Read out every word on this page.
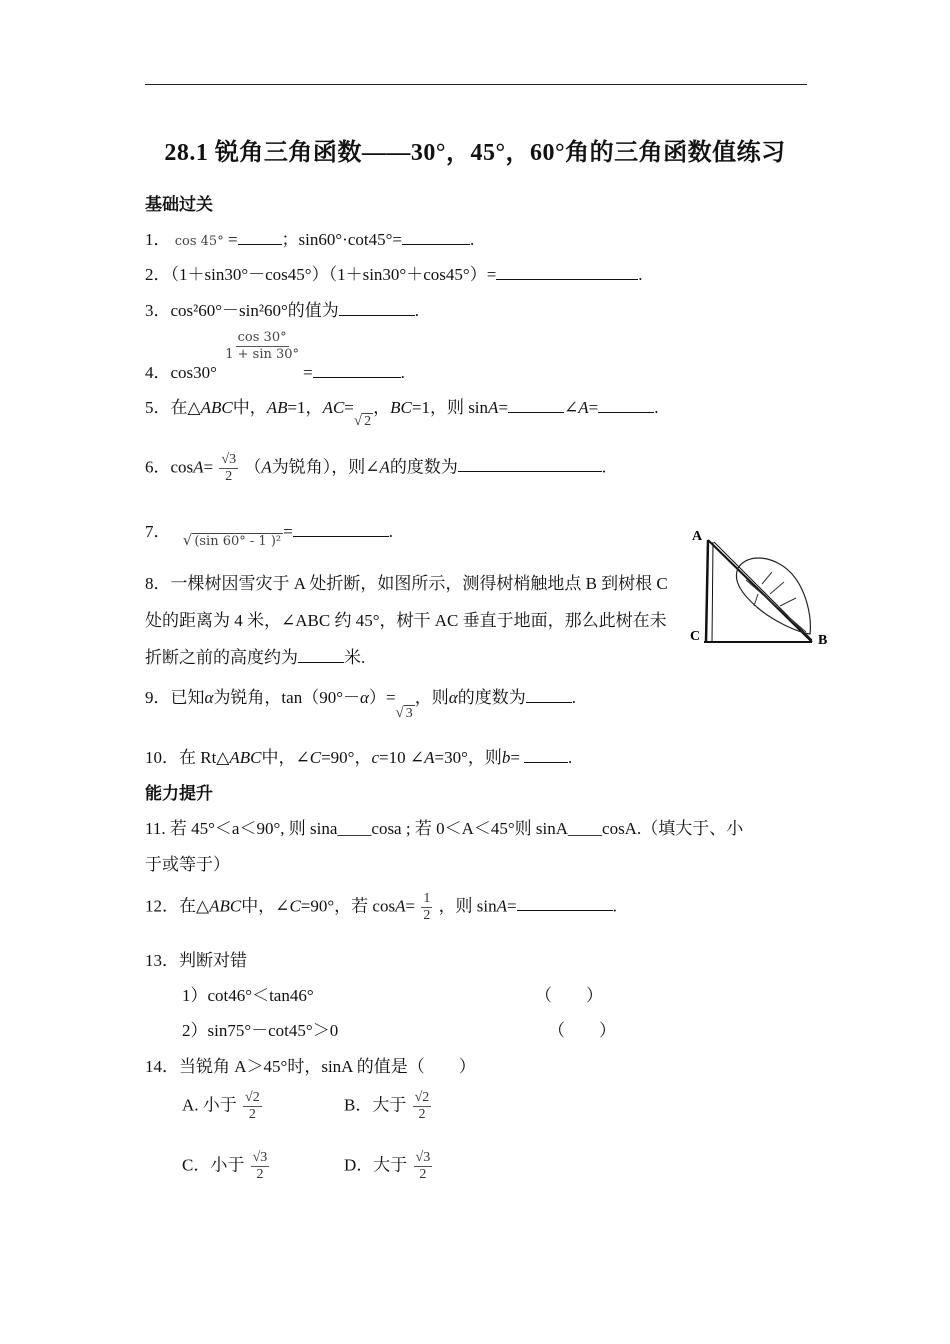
28.1 锐角三角函数——30°，45°，60°角的三角函数值练习
基础过关
1． cos 45° =	；sin60°·cot45°=	.
2．（1＋sin30°－cos45°）（1＋sin30°＋cos45°）=	.
3．cos²60°－sin²60°的值为	.
4．cos30°
$\frac{\cos 30^\circ}{1 + \sin 30^\circ}$
=	.
5．在△ABC中，AB=1，AC=√ 2，BC=1，则 sinA=	∠A=	.
6．$\cos A= \frac{√3}{2} (A$为锐角），则∠A的度数为	.
7． √ (sin 60° - 1 )²=	.
8．一棵树因雪灾于 A 处折断，如图所示，测得树梢触地点 B 到树根 C 处的距离为 4 米，∠ABC 约 45°，树干 AC 垂直于地面，那么此树在未折断之前的高度约为	米.
A
C	B
9．已知α为锐角，tan（90°－α）=√ 3，则α的度数为	.
10．在 Rt△ABC中，∠C=90°，c=10 ∠A=30°，则b=	.
能力提升
11. 若 45°＜a＜90°, 则 sina____cosa ; 若 0＜A＜45°则 sinA____cosA.（填大于、小
于或等于）
12．在△ABC中，∠C=90°，若 $\cos A= \frac{1}{2}$ ，则 sinA=	.
13．判断对错
1）cot46°＜tan46°	（　　）
2）sin75°－cot45°＞0	（　　）
14．当锐角 A＞45°时，sinA 的值是（　　）
A. 小于 $\frac{√2}{2}$	B．大于 $\frac{√2}{2}$
C．小于 $\frac{√3}{2}$	D．大于 $\frac{√3}{2}$
